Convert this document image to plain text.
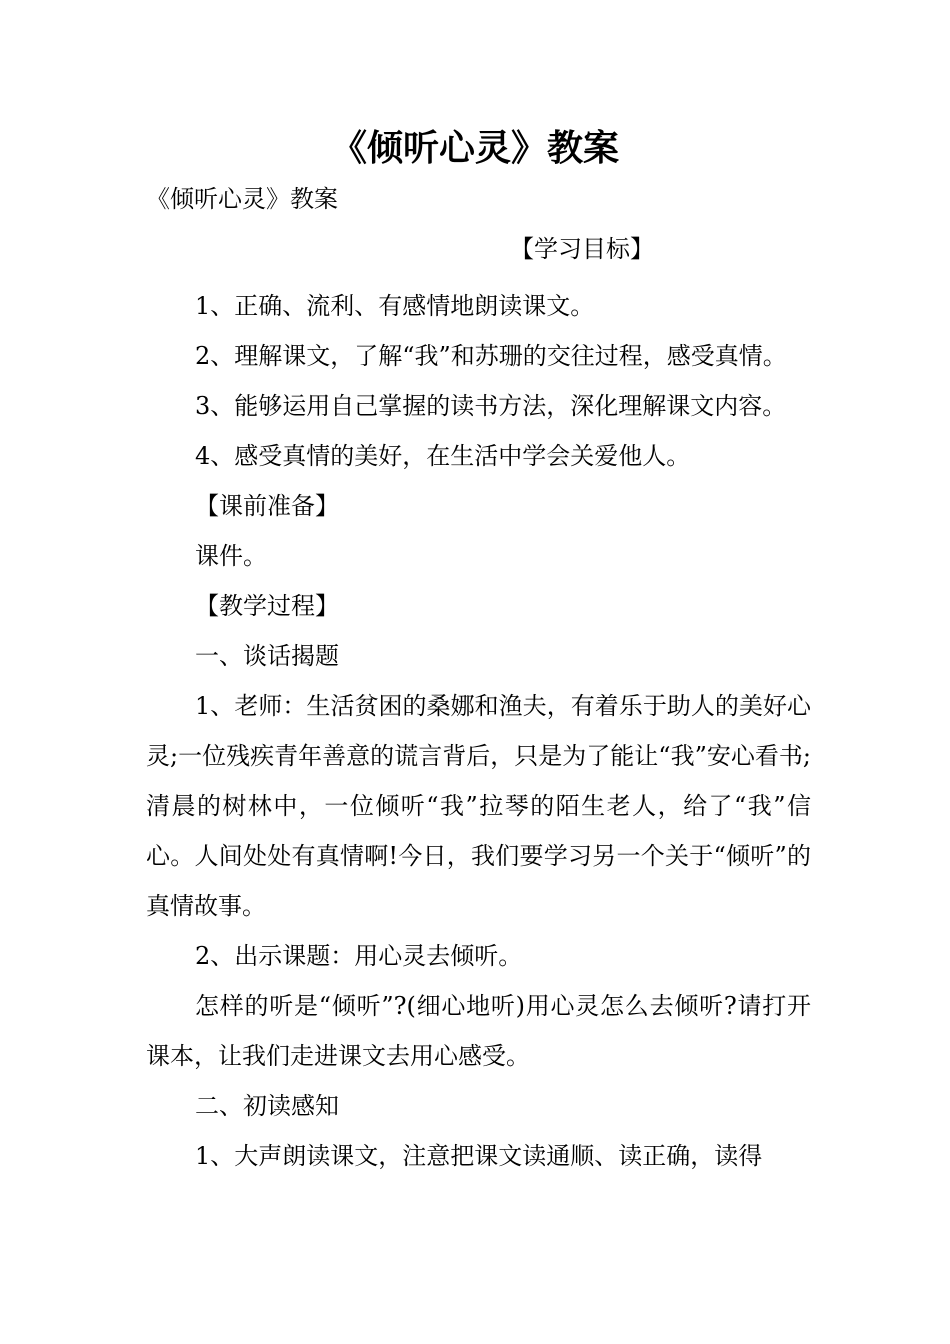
《倾听心灵》教案
《倾听心灵》教案
【学习目标】

1、正确、流利、有感情地朗读课文。

2、理解课文，了解“我”和苏珊的交往过程，感受真情。

3、能够运用自己掌握的读书方法，深化理解课文内容。

4、感受真情的美好，在生活中学会关爱他人。

【课前准备】

课件。

【教学过程】

一、谈话揭题

1、老师：生活贫困的桑娜和渔夫，有着乐于助人的美好心灵;一位残疾青年善意的谎言背后，只是为了能让“我”安心看书;清晨的树林中，一位倾听“我”拉琴的陌生老人，给了“我”信心。人间处处有真情啊!今日，我们要学习另一个关于“倾听”的真情故事。

2、出示课题：用心灵去倾听。

怎样的听是“倾听”?(细心地听)用心灵怎么去倾听?请打开课本，让我们走进课文去用心感受。

二、初读感知

1、大声朗读课文，注意把课文读通顺、读正确，读得
